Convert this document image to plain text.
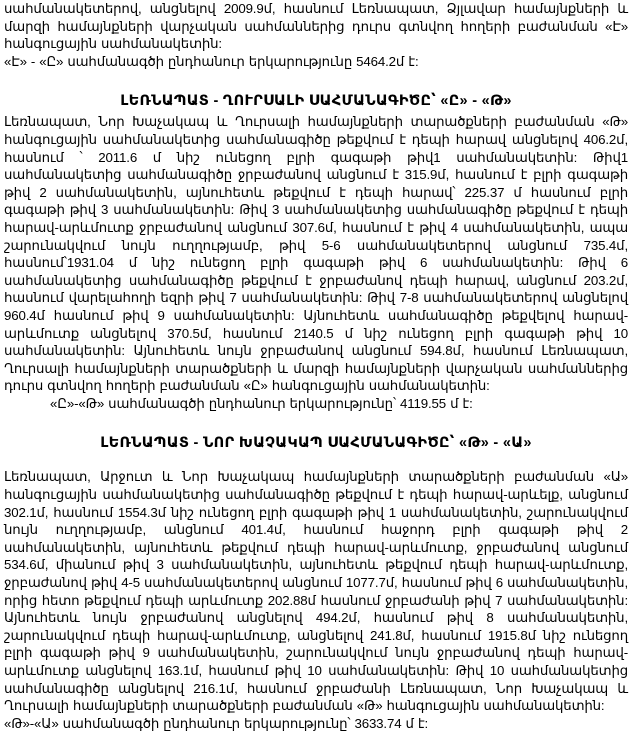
սահմանակետերով, անցնելով 2009.9մ, հասնում Լեռնապատ, Ձյլավար համայնքների և մարզի համայնքների վարչական սահմաններից դուրս գտնվող հողերի բաժանման «Է» հանգուցային սահմանակետին:

«Է» - «Ը» սահմանագծի ընդհանուր երկարությունը 5464.2մ է:

ԼԵՌՆԱՊԱՏ - ՂՈՒՐՍԱԼԻ ՍԱՀՄԱՆԱԳԻԾԸ՝ «Ը» - «Թ»

Լեռնապատ, Նոր Խաչակապ և Ղուրսալի համայնքների տարածքների բաժանման «Թ» հանգուցային սահմանակետից սահմանագիծը թեքվում է դեպի հարավ անցնելով 406.2մ, հասնում ՝ 2011.6 մ նիշ ունեցող բլրի գագաթի թիվ1 սահմանակետին: Թիվ1 սահմանակետից սահմանագիծը ջրբաժանով անցնում է 315.9մ, հասնում է բլրի գագաթի թիվ 2 սահմանակետին, այնուհետև թեքվում է դեպի հարավ՝ 225.37 մ հասնում բլրի գագաթի թիվ 3 սահմանակետին: Թիվ 3 սահմանակետից սահմանագիծը թեքվում է դեպի հարավ-արևմուտք ջրբաժանով անցնում 307.6մ, հասնում է թիվ 4 սահմանակետին, ապա շարունակվում նույն ուղղությամբ, թիվ 5-6 սահմանակետերով անցնում 735.4մ, հասնում՝1931.04 մ նիշ ունեցող բլրի գագաթի թիվ 6 սահմանակետին: Թիվ 6 սահմանակետից սահմանագիծը թեքվում է ջրբաժանով դեպի հարավ, անցնում 203.2մ, հասնում վարելահողի եզրի թիվ 7 սահմանակետին: Թիվ 7-8 սահմանակետերով անցնելով 960.4մ հասնում թիվ 9 սահմանակետին: Այնուհետև սահմանագիծը թեքվելով հարավ-արևմուտք անցնելով 370.5մ, հասնում 2140.5 մ նիշ ունեցող բլրի գագաթի թիվ 10 սահմանակետին: Այնուհետև նույն ջրբաժանով անցնում 594.8մ, հասնում Լեռնապատ, Ղուրսալի համայնքների տարածքների և մարզի համայնքների վարչական սահմաններից դուրս գտնվող հողերի բաժանման «Ը» հանգուցային սահմանակետին:

«Ը»-«Թ» սահմանագծի ընդհանուր երկարությունը՝ 4119.55 մ է:

ԼԵՌՆԱՊԱՏ - ՆՈՐ ԽԱՉԱԿԱՊ ՍԱՀՄԱՆԱԳԻԾԸ՝ «Թ» - «Ա»

Լեռնապատ, Արջուտ և Նոր Խաչակապ համայնքների տարածքների բաժանման «Ա» հանգուցային սահմանակետից սահմանագիծը թեքվում է դեպի հարավ-արևելք, անցնում 302.1մ, հասնում 1554.3մ նիշ ունեցող բլրի գագաթի թիվ 1 սահմանակետին, շարունակվում նույն ուղղությամբ, անցնում 401.4մ, հասնում հաջորդ բլրի գագաթի թիվ 2 սահմանակետին, այնուհետև թեքվում դեպի հարավ-արևմուտք, ջրբաժանով անցնում 534.6մ, միանում թիվ 3 սահմանակետին, այնուհետև թեքվում դեպի հարավ-արևմուտք, ջրբաժանով թիվ 4-5 սահմանակետերով անցնում 1077.7մ, հասնում թիվ 6 սահմանակետին, որից հետո թեքվում դեպի արևմուտք 202.88մ հասնում ջրբաժանի թիվ 7 սահմանակետին: Այնուհետև նույն ջրբաժանով անցնելով 494.2մ, հասնում թիվ 8 սահմանակետին, շարունակվում դեպի հարավ-արևմուտք, անցնելով 241.8մ, հասնում 1915.8մ նիշ ունեցող բլրի գագաթի թիվ 9 սահմանակետին, շարունակվում նույն ջրբաժանով դեպի հարավ-արևմուտք անցնելով 163.1մ, հասնում թիվ 10 սահմանակետին: Թիվ 10 սահմանակետից սահմանագիծը անցնելով 216.1մ, հասնում ջրբաժանի Լեռնապատ, Նոր Խաչակապ և Ղուրսալի համայնքների տարածքների բաժանման «Թ» հանգուցային սահմանակետին:

«Թ»-«Ա» սահմանագծի ընդհանուր երկարությունը՝ 3633.74 մ է:
